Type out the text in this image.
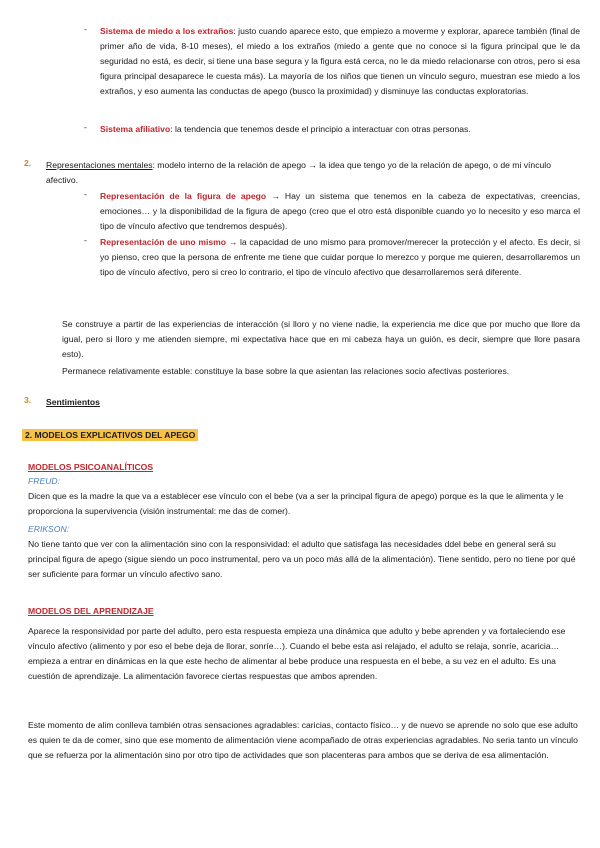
- Sistema de miedo a los extraños: justo cuando aparece esto, que empiezo a moverme y explorar, aparece también (final de primer año de vida, 8-10 meses), el miedo a los extraños (miedo a gente que no conoce si la figura principal que le da seguridad no está, es decir, si tiene una base segura y la figura está cerca, no le da miedo relacionarse con otros, pero si esa figura principal desaparece le cuesta más). La mayoría de los niños que tienen un vínculo seguro, muestran ese miedo a los extraños, y eso aumenta las conductas de apego (busco la proximidad) y disminuye las conductas exploratorias.
- Sistema afiliativo: la tendencia que tenemos desde el principio a interactuar con otras personas.
2. Representaciones mentales: modelo interno de la relación de apego → la idea que tengo yo de la relación de apego, o de mi vínculo afectivo.
- Representación de la figura de apego → Hay un sistema que tenemos en la cabeza de expectativas, creencias, emociones… y la disponibilidad de la figura de apego (creo que el otro está disponible cuando yo lo necesito y eso marca el tipo de vínculo afectivo que tendremos después).
- Representación de uno mismo → la capacidad de uno mismo para promover/merecer la protección y el afecto. Es decir, si yo pienso, creo que la persona de enfrente me tiene que cuidar porque lo merezco y porque me quieren, desarrollaremos un tipo de vínculo afectivo, pero si creo lo contrario, el tipo de vínculo afectivo que desarrollaremos será diferente.
Se construye a partir de las experiencias de interacción (si lloro y no viene nadie, la experiencia me dice que por mucho que llore da igual, pero si lloro y me atienden siempre, mi expectativa hace que en mi cabeza haya un guión, es decir, siempre que llore pasara esto).
Permanece relativamente estable: constituye la base sobre la que asientan las relaciones socio afectivas posteriores.
3. Sentimientos
2. MODELOS EXPLICATIVOS DEL APEGO
MODELOS PSICOANALÍTICOS
FREUD:
Dicen que es la madre la que va a establecer ese vínculo con el bebe (va a ser la principal figura de apego) porque es la que le alimenta y le proporciona la supervivencia (visión instrumental: me das de comer).
ERIKSON:
No tiene tanto que ver con la alimentación sino con la responsividad: el adulto que satisfaga las necesidades ddel bebe en general será su principal figura de apego (sigue siendo un poco instrumental, pero va un poco más allá de la alimentación). Tiene sentido, pero no tiene por qué ser suficiente para formar un vínculo afectivo sano.
MODELOS DEL APRENDIZAJE
Aparece la responsividad por parte del adulto, pero esta respuesta empieza una dinámica que adulto y bebe aprenden y va fortaleciendo ese vínculo afectivo (alimento y por eso el bebe deja de llorar, sonríe…). Cuando el bebe esta asi relajado, el adulto se relaja, sonríe, acaricia… empieza a entrar en dinámicas en la que este hecho de alimentar al bebe produce una respuesta en el bebe, a su vez en el adulto. Es una cuestión de aprendizaje. La alimentación favorece ciertas respuestas que ambos aprenden.
Este momento de alim conlleva también otras sensaciones agradables: caricias, contacto físico… y de nuevo se aprende no solo que ese adulto es quien te da de comer, sino que ese momento de alimentación viene acompañado de otras experiencias agradables. No seria tanto un vínculo que se refuerza por la alimentación sino por otro tipo de actividades que son placenteras para ambos que se deriva de esa alimentación.
